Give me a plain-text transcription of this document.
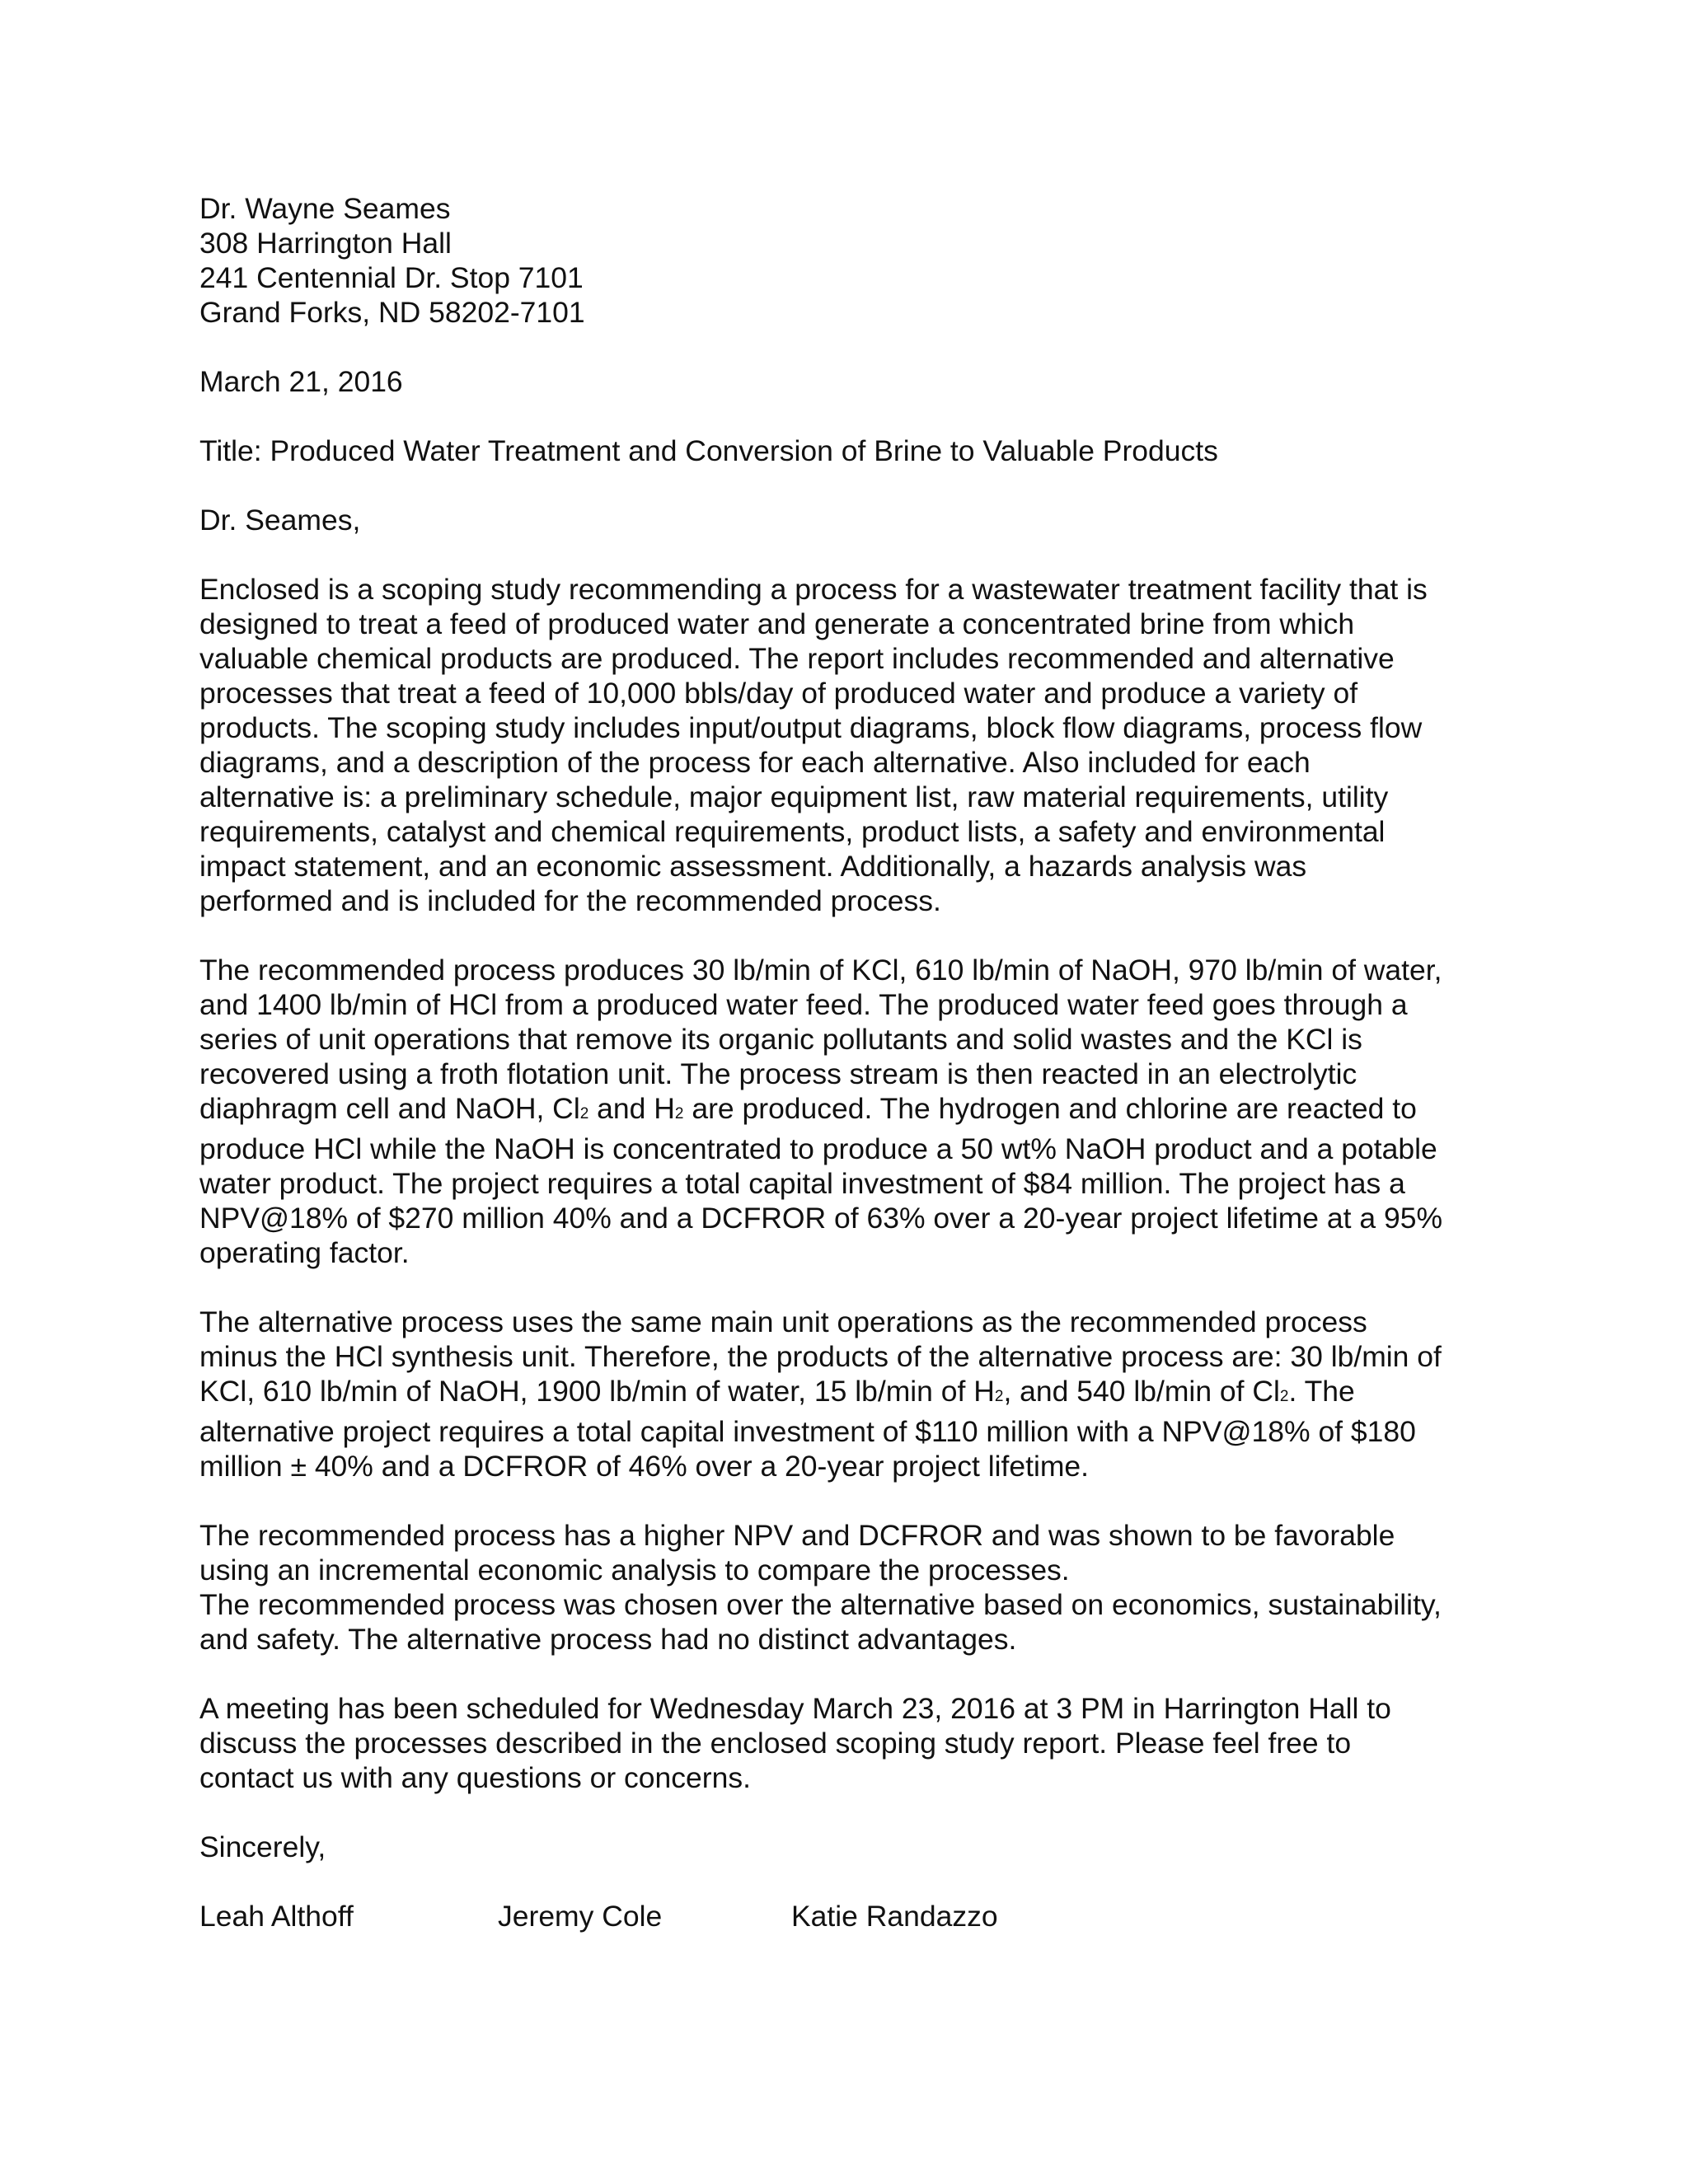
Dr. Wayne Seames
308 Harrington Hall
241 Centennial Dr. Stop 7101
Grand Forks, ND 58202-7101
March 21, 2016
Title: Produced Water Treatment and Conversion of Brine to Valuable Products
Dr. Seames,
Enclosed is a scoping study recommending a process for a wastewater treatment facility that is
designed to treat a feed of produced water and generate a concentrated brine from which
valuable chemical products are produced. The report includes recommended and alternative
processes that treat a feed of 10,000 bbls/day of produced water and produce a variety of
products. The scoping study includes input/output diagrams, block flow diagrams, process flow
diagrams, and a description of the process for each alternative. Also included for each
alternative is: a preliminary schedule, major equipment list, raw material requirements, utility
requirements, catalyst and chemical requirements, product lists, a safety and environmental
impact statement, and an economic assessment. Additionally, a hazards analysis was
performed and is included for the recommended process.
The recommended process produces 30 lb/min of KCl, 610 lb/min of NaOH, 970 lb/min of water,
and 1400 lb/min of HCl from a produced water feed. The produced water feed goes through a
series of unit operations that remove its organic pollutants and solid wastes and the KCl is
recovered using a froth flotation unit. The process stream is then reacted in an electrolytic
diaphragm cell and NaOH, Cl2 and H2 are produced. The hydrogen and chlorine are reacted to
produce HCl while the NaOH is concentrated to produce a 50 wt% NaOH product and a potable
water product. The project requires a total capital investment of $84 million. The project has a
NPV@18% of $270 million 40% and a DCFROR of 63% over a 20-year project lifetime at a 95%
operating factor.
The alternative process uses the same main unit operations as the recommended process
minus the HCl synthesis unit. Therefore, the products of the alternative process are: 30 lb/min of
KCl, 610 lb/min of NaOH, 1900 lb/min of water, 15 lb/min of H2, and 540 lb/min of Cl2. The
alternative project requires a total capital investment of $110 million with a NPV@18% of $180
million ± 40% and a DCFROR of 46% over a 20-year project lifetime.
The recommended process has a higher NPV and DCFROR and was shown to be favorable
using an incremental economic analysis to compare the processes.
The recommended process was chosen over the alternative based on economics, sustainability,
and safety. The alternative process had no distinct advantages.
A meeting has been scheduled for Wednesday March 23, 2016 at 3 PM in Harrington Hall to
discuss the processes described in the enclosed scoping study report. Please feel free to
contact us with any questions or concerns.
Sincerely,
Leah Althoff	Jeremy Cole	Katie Randazzo
